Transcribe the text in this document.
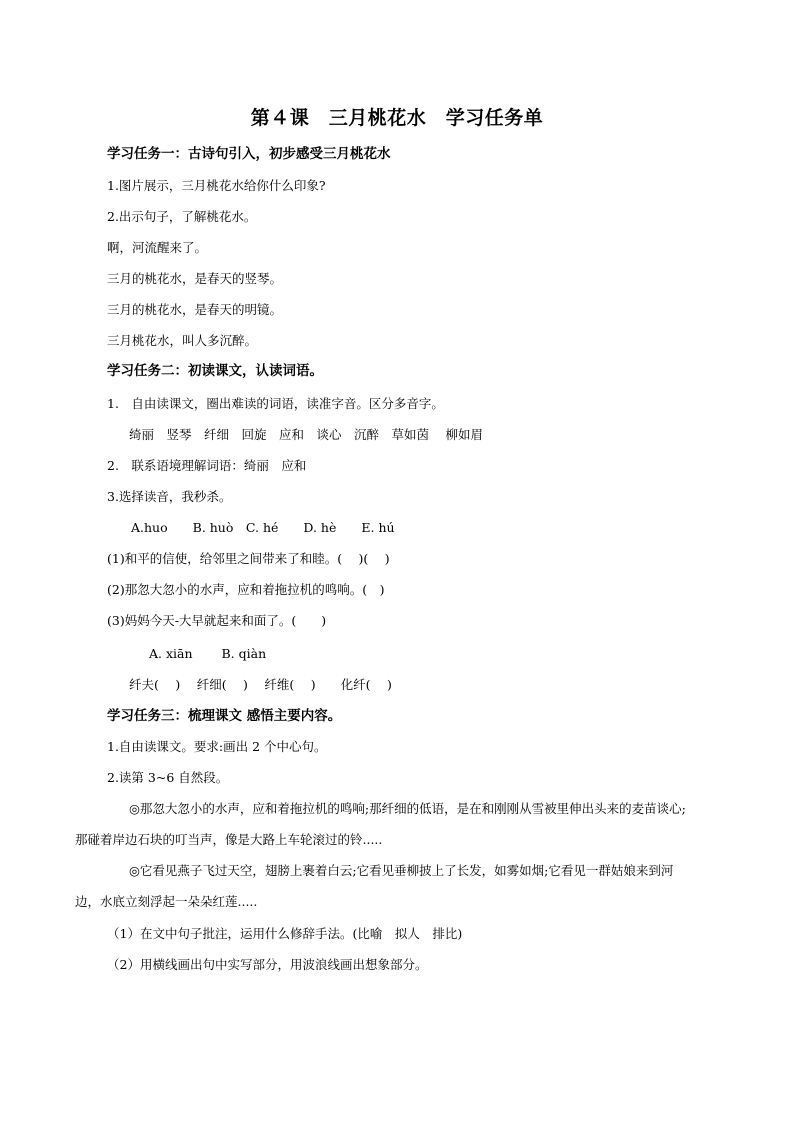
第４课　三月桃花水　学习任务单
学习任务一：古诗句引入，初步感受三月桃花水
1.图片展示，三月桃花水给你什么印象?
2.出示句子，了解桃花水。
啊，河流醒来了。
三月的桃花水，是春天的竖琴。
三月的桃花水，是春天的明镜。
三月桃花水，叫人多沉醉。
学习任务二：初读课文，认读词语。
1.　自由读课文，圈出难读的词语，读准字音。区分多音字。
绮丽　竖琴　纤细　回旋　应和　谈心　沉醉　草如茵　 柳如眉
2.　联系语境理解词语：绮丽　应和
3.选择读音，我秒杀。
A.huo　　B. huò　C. hé　　D. hè　　E. hú
(1)和平的信使，给邻里之间带来了和睦。(　 )(　 )
(2)那忽大忽小的水声，应和着拖拉机的鸣响。(　)
(3)妈妈今天-大早就起来和面了。(　　)
A. xiān　　 B. qiàn
纤夫(　 )　 纤细(　 )　 纤维(　 )　　化纤(　 )
学习任务三：梳理课文 感悟主要内容。
1.自由读课文。要求:画出 2 个中心句。
2.读第 3~6 自然段。
◎那忽大忽小的水声，应和着拖拉机的鸣响;那纤细的低语，是在和刚刚从雪被里伸出头来的麦苗谈心;
那碰着岸边石块的叮当声，像是大路上车轮滚过的铃.....
◎它看见燕子飞过天空，翅膀上裹着白云;它看见垂柳披上了长发，如雾如烟;它看见一群姑娘来到河
边，水底立刻浮起一朵朵红莲.....
（1）在文中句子批注，运用什么修辞手法。(比喻　拟人　排比)
（2）用横线画出句中实写部分，用波浪线画出想象部分。
